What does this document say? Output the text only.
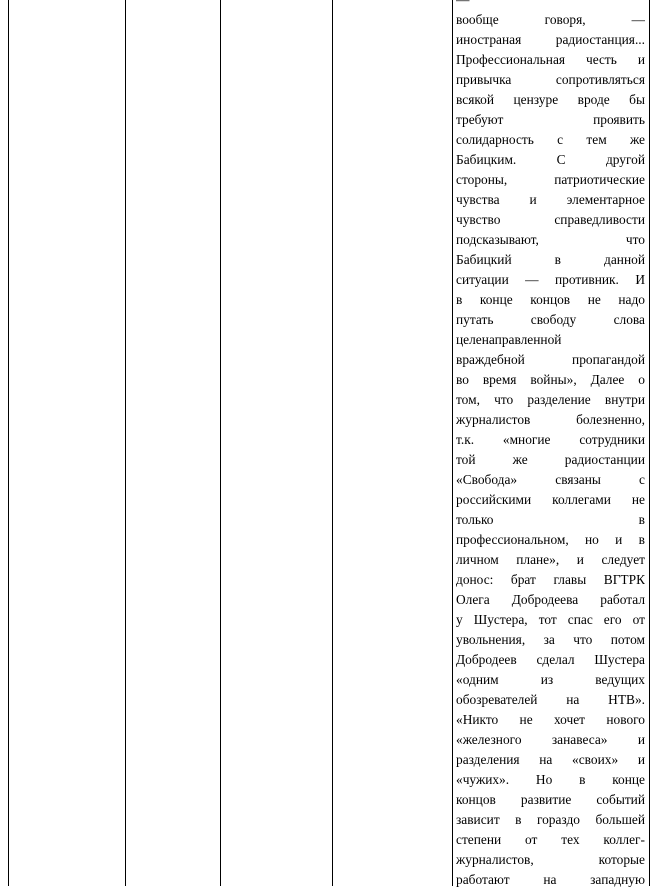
вообще говоря, —
иностраная радиостанция...
Профессиональная честь и
привычка сопротивляться
всякой цензуре вроде бы
требуют проявить
солидарность с тем же
Бабицким. С другой
стороны, патриотические
чувства и элементарное
чувство справедливости
подсказывают, что
Бабицкий в данной
ситуации — противник. И
в конце концов не надо
путать свободу слова
целенаправленной
враждебной пропагандой
во время войны», Далее о
том, что разделение внутри
журналистов болезненно,
т.к. «многие сотрудники
той же радиостанции
«Свобода» связаны с
российскими коллегами не
только в
профессиональном, но и в
личном плане», и следует
донос: брат главы ВГТРК
Олега Добродеева работал
у Шустера, тот спас его от
увольнения, за что потом
Добродеев сделал Шустера
«одним из ведущих
обозревателей на НТВ».
«Никто не хочет нового
«железного занавеса» и
разделения на «своих» и
«чужих». Но в конце
концов развитие событий
зависит в гораздо большей
степени от тех коллег-
журналистов, которые
работают на западную
